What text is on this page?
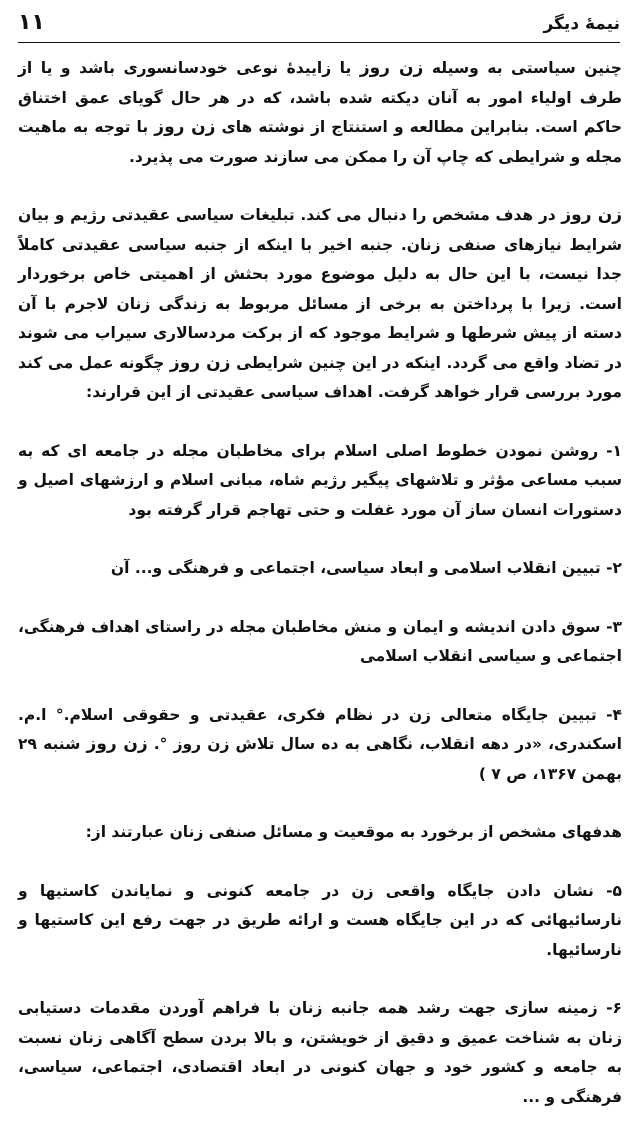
۱۱	نیمهٔ دیگر

چنین سیاستی به وسیله زن روز یا زاییدهٔ نوعی خودسانسوری باشد و یا از طرف اولیاء امور به آنان دیکته شده باشد، که در هر حال گویای عمق اختناق حاکم است. بنابراین مطالعه و استنتاج از نوشته های زن روز با توجه به ماهیت مجله و شرایطی که چاپ آن را ممکن می سازند صورت می پذیرد.

زن روز در هدف مشخص را دنبال می کند. تبلیغات سیاسی عقیدتی رژیم و بیان شرایط نیازهای صنفی زنان. جنبه اخیر با اینکه از جنبه سیاسی عقیدتی کاملاً جدا نیست، با این حال به دلیل موضوع مورد بحثش از اهمیتی خاص برخوردار است. زیرا با پرداختن به برخی از مسائل مربوط به زندگی زنان لاجرم با آن دسته از پیش شرطها و شرایط موجود که از برکت مردسالاری سیراب می شوند در تضاد واقع می گردد. اینکه در این چنین شرایطی زن روز چگونه عمل می کند مورد بررسی قرار خواهد گرفت. اهداف سیاسی عقیدتی از این قرارند:

۱- روشن نمودن خطوط اصلی اسلام برای مخاطبان مجله در جامعه ای که به سبب مساعی مؤثر و تلاشهای پیگیر رژیم شاه، مبانی اسلام و ارزشهای اصیل و دستورات انسان ساز آن مورد غفلت و حتی تهاجم قرار گرفته بود

۲- تبیین انقلاب اسلامی و ابعاد سیاسی، اجتماعی و فرهنگی و... آن

۳- سوق دادن اندیشه و ایمان و منش مخاطبان مجله در راستای اهداف فرهنگی، اجتماعی و سیاسی انقلاب اسلامی

۴- تبیین جایگاه متعالی زن در نظام فکری، عقیدتی و حقوقی اسلام.° ا.م. اسکندری، «در دهه انقلاب، نگاهی به ده سال تلاش زن روز °. زن روز شنبه ۲۹ بهمن ۱۳۶۷، ص ۷ )

هدفهای مشخص از برخورد به موقعیت و مسائل صنفی زنان عبارتند از:

۵- نشان دادن جایگاه واقعی زن در جامعه کنونی و نمایاندن کاستیها و نارسائیهائی که در این جایگاه هست و ارائه طریق در جهت رفع این کاستیها و نارسائیها.

۶- زمینه سازی جهت رشد همه جانبه زنان با فراهم آوردن مقدمات دستیابی زنان به شناخت عمیق و دقیق از خویشتن، و بالا بردن سطح آگاهی زنان نسبت به جامعه و کشور خود و جهان کنونی در ابعاد اقتصادی، اجتماعی، سیاسی، فرهنگی و ...
